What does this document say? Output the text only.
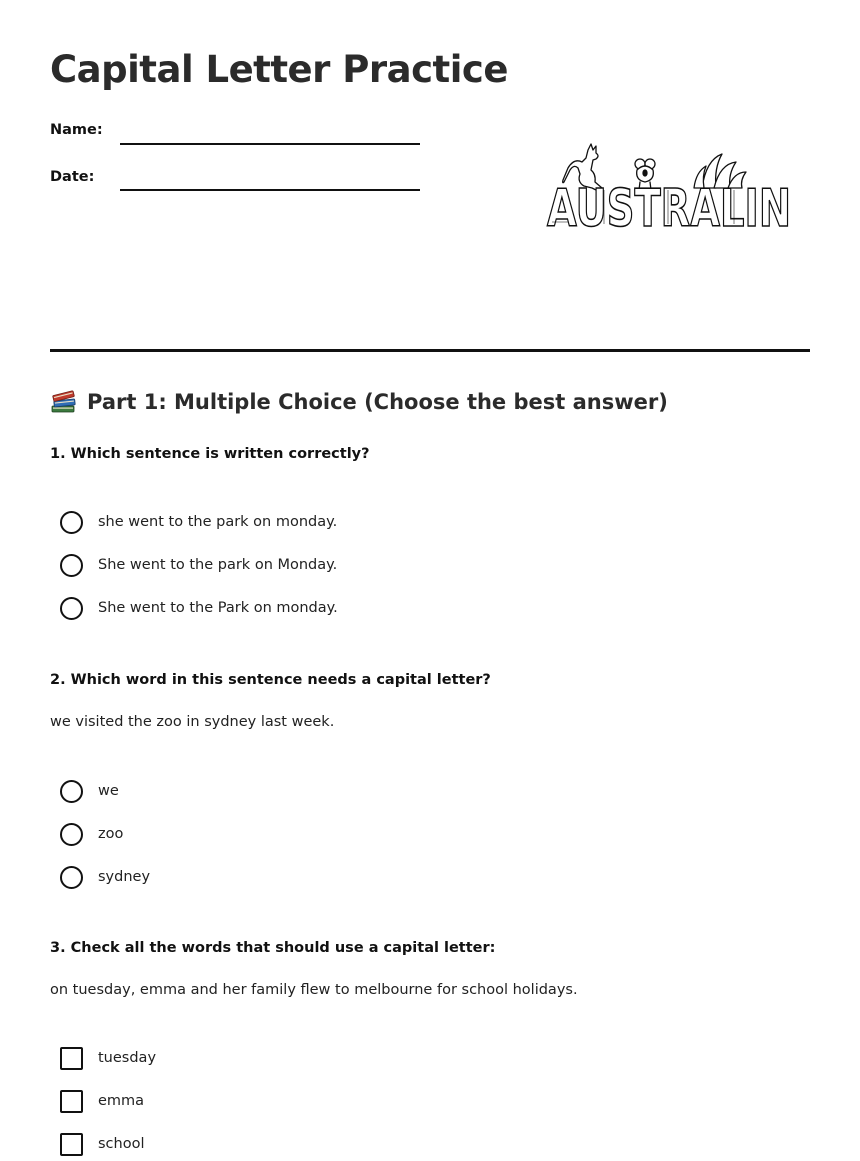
Capital Letter Practice
Name:
Date:
AUSTRALIN
Part 1: Multiple Choice (Choose the best answer)
1. Which sentence is written correctly?
she went to the park on monday.
She went to the park on Monday.
She went to the Park on monday.
2. Which word in this sentence needs a capital letter?
we visited the zoo in sydney last week.
we
zoo
sydney
3. Check all the words that should use a capital letter:
on tuesday, emma and her family flew to melbourne for school holidays.
tuesday
emma
school
